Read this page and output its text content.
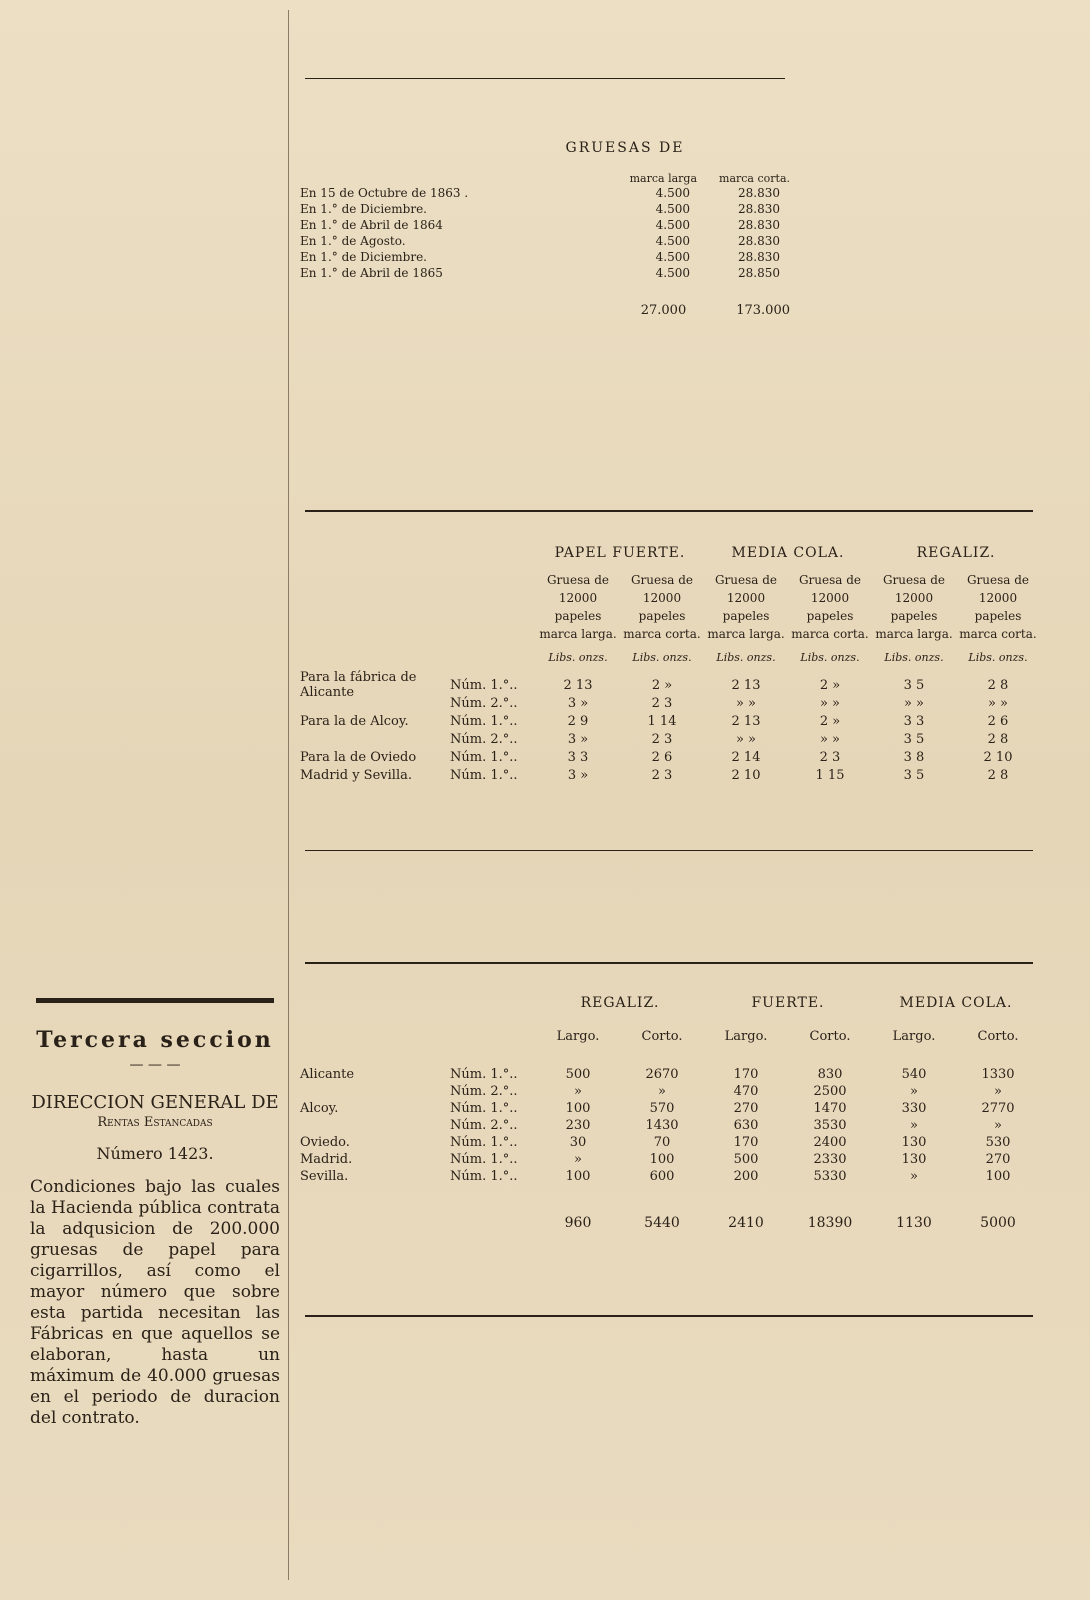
Tercera seccion
— — —
DIRECCION GENERAL DE
Rentas Estancadas
Número 1423.
Condiciones bajo las cuales la Hacienda pública contrata la adqusicion de 200.000 gruesas de papel para cigarrillos, así como el mayor número que sobre esta partida necesitan las Fábricas en que aquellos se elaboran, hasta un máximum de 40.000 gruesas en el periodo de duracion del contrato.
GRUESAS DE
marca larga marca corta.
En 15 de Octubre de 1863 .	4.500	28.830
En 1.° de Diciembre.	4.500	28.830
En 1.° de Abril de 1864	4.500	28.830
En 1.° de Agosto.	4.500	28.830
En 1.° de Diciembre.	4.500	28.830
En 1.° de Abril de 1865	4.500	28.850
27.000	173.000
PAPEL FUERTE.	MEDIA COLA.	REGALIZ.
Gruesa de 12000 papeles marca larga.
Gruesa de 12000 papeles marca corta.
Gruesa de 12000 papeles marca larga.
Gruesa de 12000 papeles marca corta.
Gruesa de 12000 papeles marca larga.
Gruesa de 12000 papeles marca corta.
Libs. onzs.	Libs. onzs.	Libs. onzs.	Libs. onzs.	Libs. onzs.	Libs. onzs.
Para la fábrica de Alicante	Núm. 1.°..	2 13	2 »	2 13	2 »	3 5	2 8
Núm. 2.°..	3 »	2 3	» »	» »	» »	» »
Para la de Alcoy.	Núm. 1.°..	2 9	1 14	2 13	2 »	3 3	2 6
Núm. 2.°..	3 »	2 3	» »	» »	3 5	2 8
Para la de Oviedo	Núm. 1.°..	3 3	2 6	2 14	2 3	3 8	2 10
Madrid y Sevilla.	Núm. 1.°..	3 »	2 3	2 10	1 15	3 5	2 8
REGALIZ.	FUERTE.	MEDIA COLA.
Largo.	Corto.	Largo.	Corto.	Largo.	Corto.
Alicante	Núm. 1.°..	500	2670	170	830	540	1330
Núm. 2.°..	»	»	470	2500	»	»
Alcoy.	Núm. 1.°..	100	570	270	1470	330	2770
Núm. 2.°..	230	1430	630	3530	»	»
Oviedo.	Núm. 1.°..	30	70	170	2400	130	530
Madrid.	Núm. 1.°..	»	100	500	2330	130	270
Sevilla.	Núm. 1.°..	100	600	200	5330	»	100
960	5440	2410	18390	1130	5000
